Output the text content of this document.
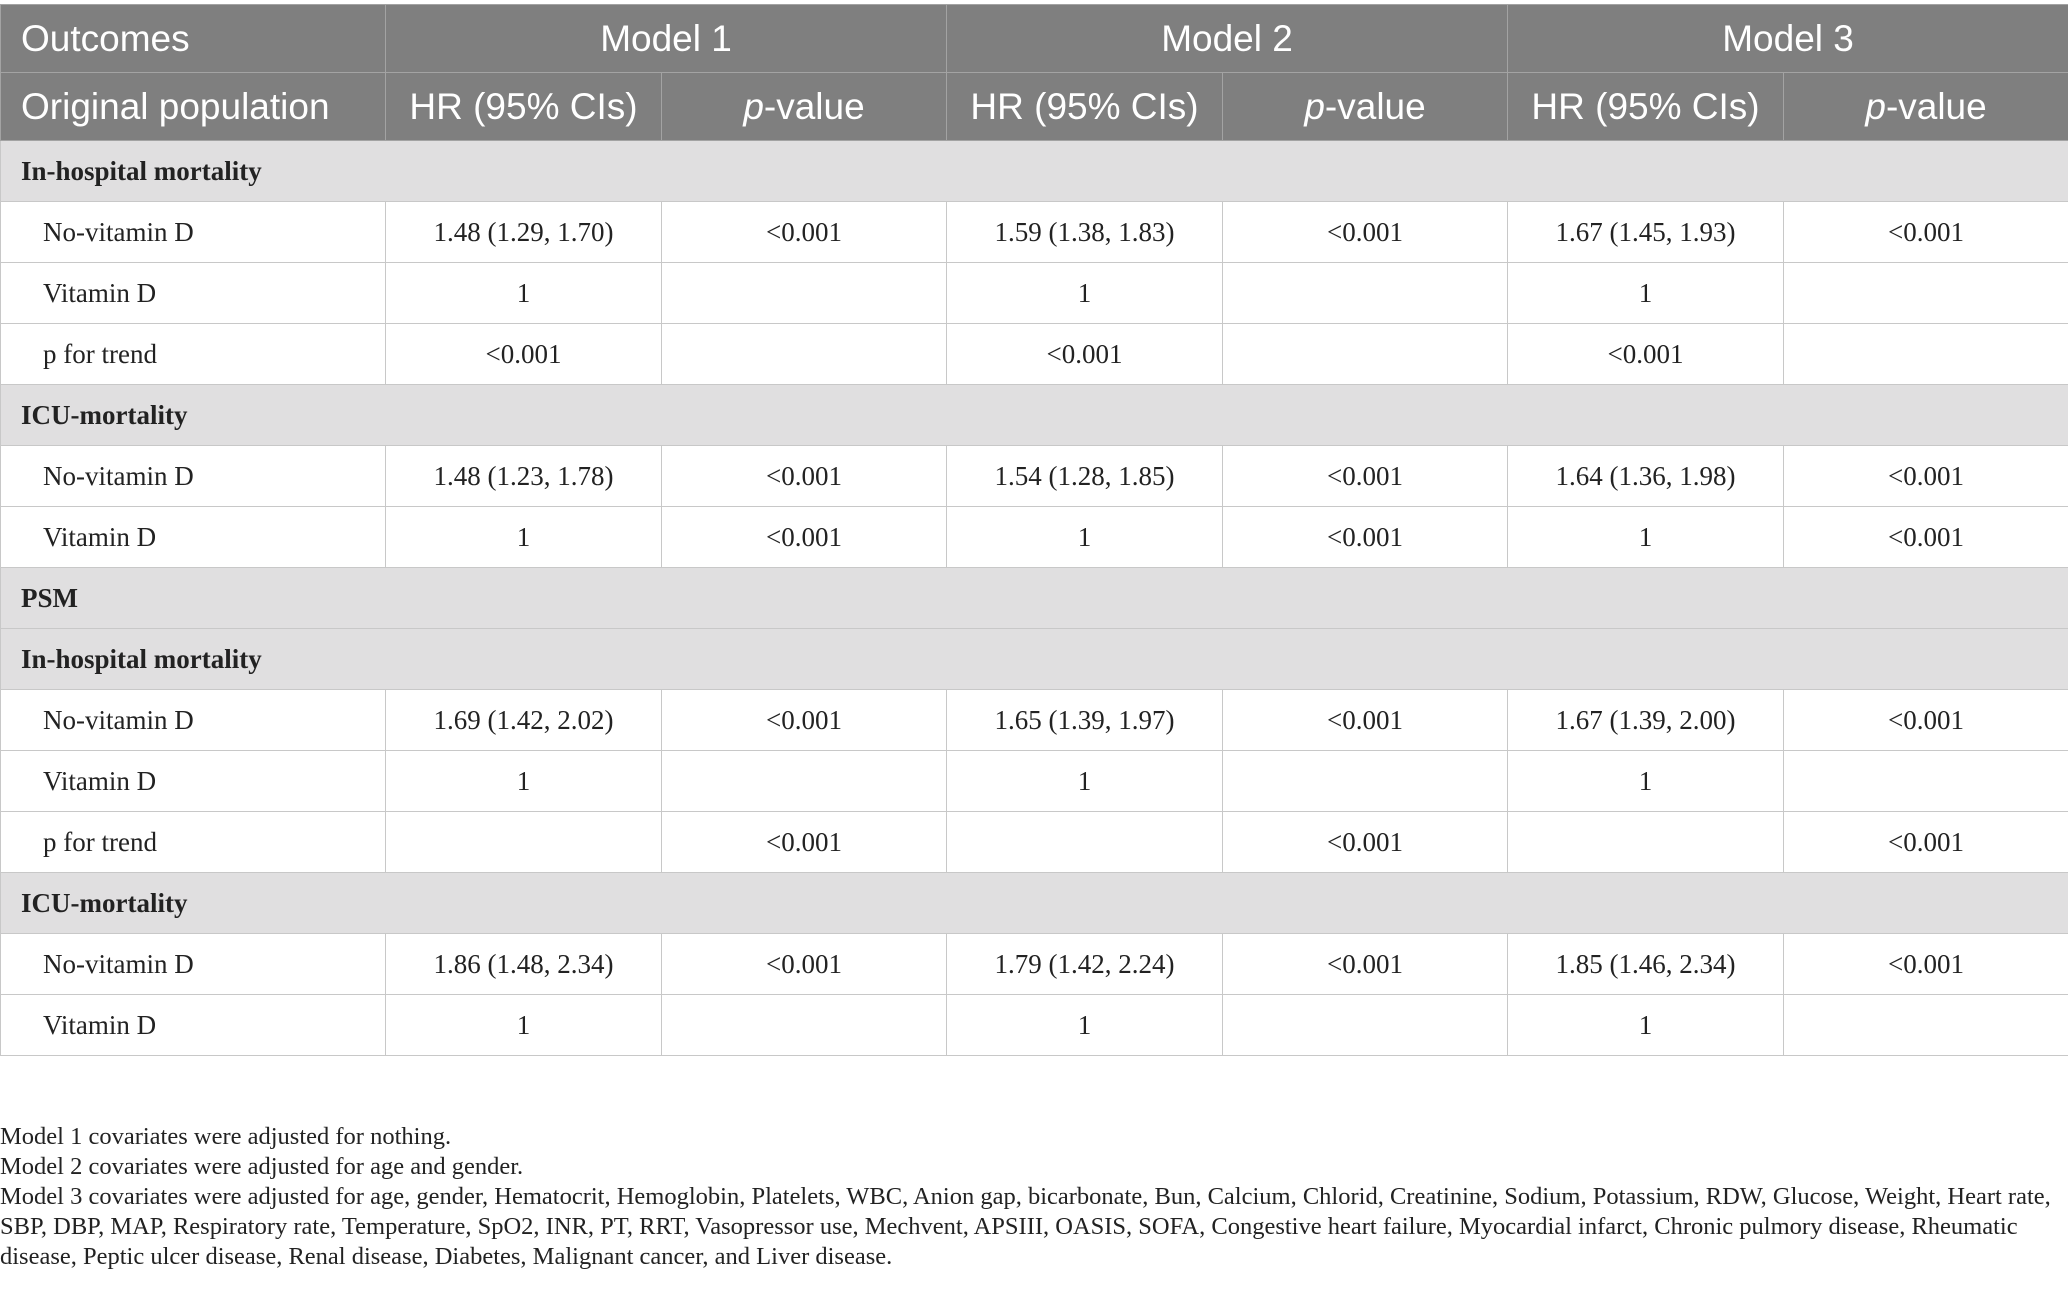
Outcomes	Model 1		Model 2		Model 3	
Original population	HR (95% CIs)	p-value	HR (95% CIs)	p-value	HR (95% CIs)	p-value
In-hospital mortality						
No-vitamin D	1.48 (1.29, 1.70)	<0.001	1.59 (1.38, 1.83)	<0.001	1.67 (1.45, 1.93)	<0.001
Vitamin D	1		1		1	
p for trend	<0.001		<0.001		<0.001	
ICU-mortality						
No-vitamin D	1.48 (1.23, 1.78)	<0.001	1.54 (1.28, 1.85)	<0.001	1.64 (1.36, 1.98)	<0.001
Vitamin D	1	<0.001	1	<0.001	1	<0.001
PSM						
In-hospital mortality						
No-vitamin D	1.69 (1.42, 2.02)	<0.001	1.65 (1.39, 1.97)	<0.001	1.67 (1.39, 2.00)	<0.001
Vitamin D	1		1		1	
p for trend		<0.001		<0.001		<0.001
ICU-mortality						
No-vitamin D	1.86 (1.48, 2.34)	<0.001	1.79 (1.42, 2.24)	<0.001	1.85 (1.46, 2.34)	<0.001
Vitamin D	1		1		1	

Model 1 covariates were adjusted for nothing.

Model 2 covariates were adjusted for age and gender.

Model 3 covariates were adjusted for age, gender, Hematocrit, Hemoglobin, Platelets, WBC, Anion gap, bicarbonate, Bun, Calcium, Chlorid, Creatinine, Sodium, Potassium, RDW, Glucose, Weight, Heart rate, SBP, DBP, MAP, Respiratory rate, Temperature, SpO2, INR, PT, RRT, Vasopressor use, Mechvent, APSIII, OASIS, SOFA, Congestive heart failure, Myocardial infarct, Chronic pulmory disease, Rheumatic disease, Peptic ulcer disease, Renal disease, Diabetes, Malignant cancer, and Liver disease.
